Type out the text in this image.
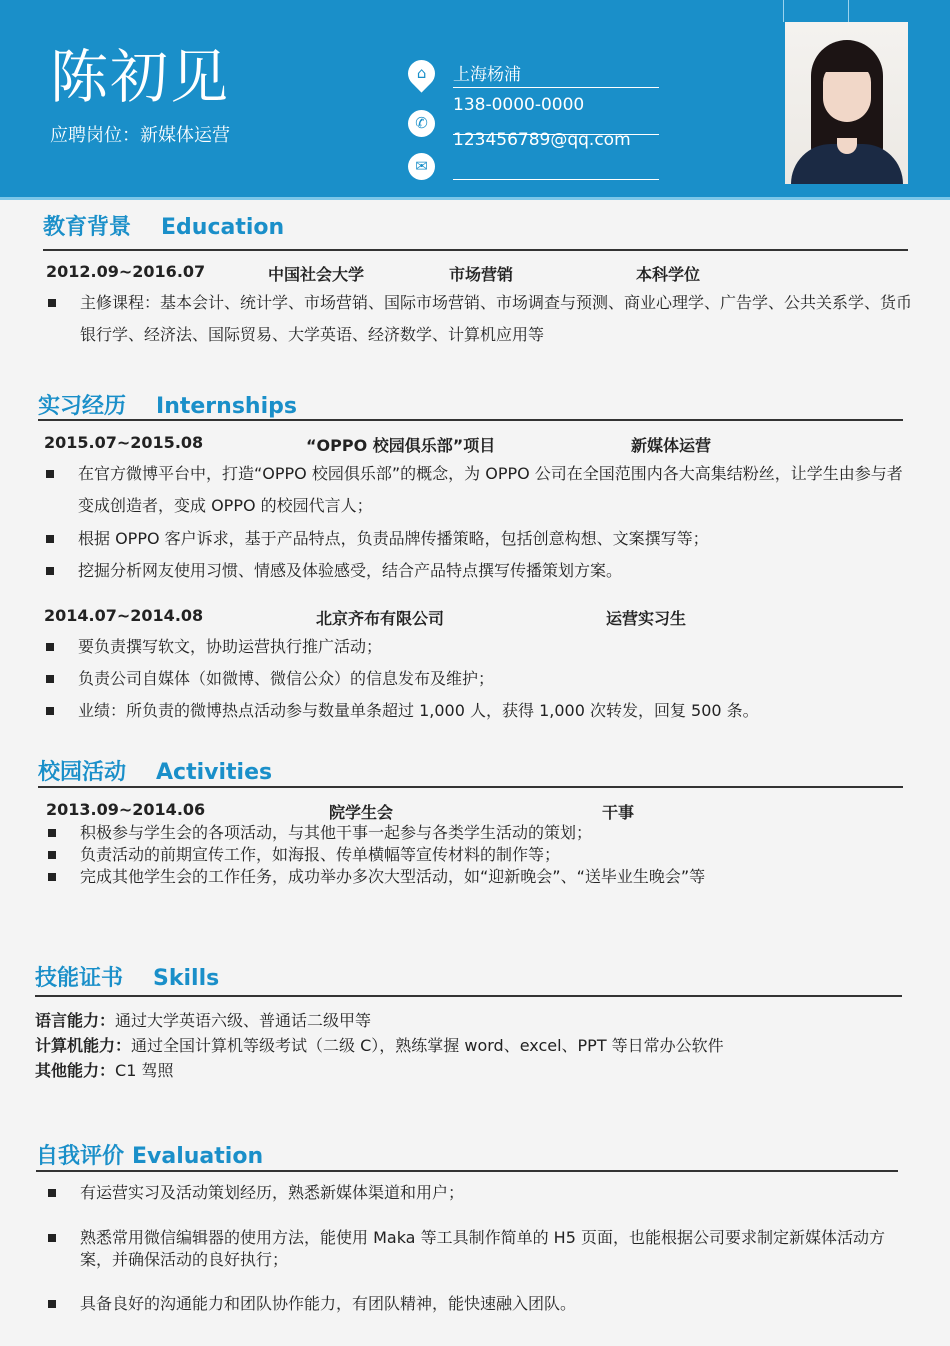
陈初见
应聘岗位：新媒体运营
⌂	上海杨浦
✆
138-0000-0000
✉
123456789@qq.com
教育背景 Education
2012.09~2016.07	中国社会大学	市场营销	本科学位
主修课程：基本会计、统计学、市场营销、国际市场营销、市场调查与预测、商业心理学、广告学、公共关系学、货币银行学、经济法、国际贸易、大学英语、经济数学、计算机应用等
实习经历 Internships
2015.07~2015.08	“OPPO 校园俱乐部”项目	新媒体运营
在官方微博平台中，打造“OPPO 校园俱乐部”的概念，为 OPPO 公司在全国范围内各大高集结粉丝，让学生由参与者变成创造者，变成 OPPO 的校园代言人；
根据 OPPO 客户诉求，基于产品特点，负责品牌传播策略，包括创意构想、文案撰写等；
挖掘分析网友使用习惯、情感及体验感受，结合产品特点撰写传播策划方案。
2014.07~2014.08	北京齐布有限公司	运营实习生
要负责撰写软文，协助运营执行推广活动；
负责公司自媒体（如微博、微信公众）的信息发布及维护；
业绩：所负责的微博热点活动参与数量单条超过 1,000 人，获得 1,000 次转发，回复 500 条。
校园活动 Activities
2013.09~2014.06	院学生会	干事
积极参与学生会的各项活动，与其他干事一起参与各类学生活动的策划；
负责活动的前期宣传工作，如海报、传单横幅等宣传材料的制作等；
完成其他学生会的工作任务，成功举办多次大型活动，如“迎新晚会”、“送毕业生晚会”等
技能证书 Skills
语言能力：通过大学英语六级、普通话二级甲等
计算机能力：通过全国计算机等级考试（二级 C），熟练掌握 word、excel、PPT 等日常办公软件
其他能力：C1 驾照
自我评价 Evaluation
有运营实习及活动策划经历，熟悉新媒体渠道和用户；
熟悉常用微信编辑器的使用方法，能使用 Maka 等工具制作简单的 H5 页面，也能根据公司要求制定新媒体活动方案，并确保活动的良好执行；
具备良好的沟通能力和团队协作能力，有团队精神，能快速融入团队。
